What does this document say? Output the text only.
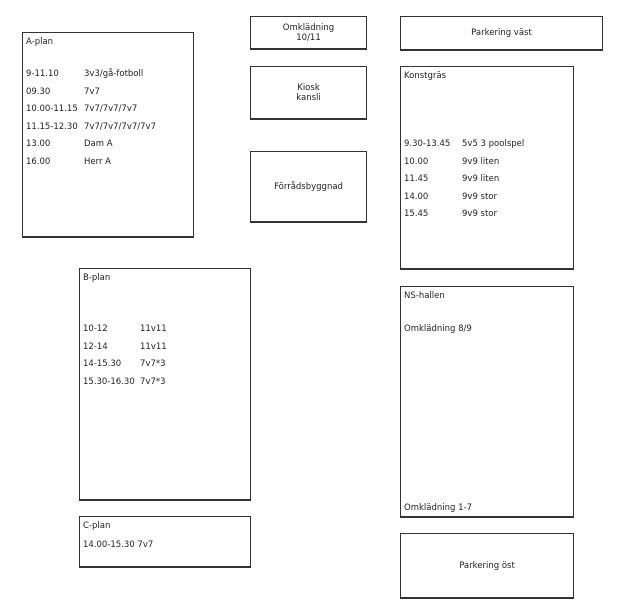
A-plan
9-11.10	3v3/gå-fotboll
09.30	7v7
10.00-11.15 7v7/7v7/7v7
11.15-12.30 7v7/7v7/7v7/7v7
13.00	Dam A
16.00	Herr A
Omklädning
10/11
Kiosk
kansli
Förrådsbyggnad
Parkering väst
Konstgräs
9.30-13.45 5v5 3 poolspel
10.00	9v9 liten
11.45	9v9 liten
14.00	9v9 stor
15.45	9v9 stor
B-plan
10-12	11v11
12-14	11v11
14-15.30 7v7*3
15.30-16.30 7v7*3
C-plan
14.00-15.30 7v7
NS-hallen
Omklädning 8/9
Omklädning 1-7
Parkering öst
